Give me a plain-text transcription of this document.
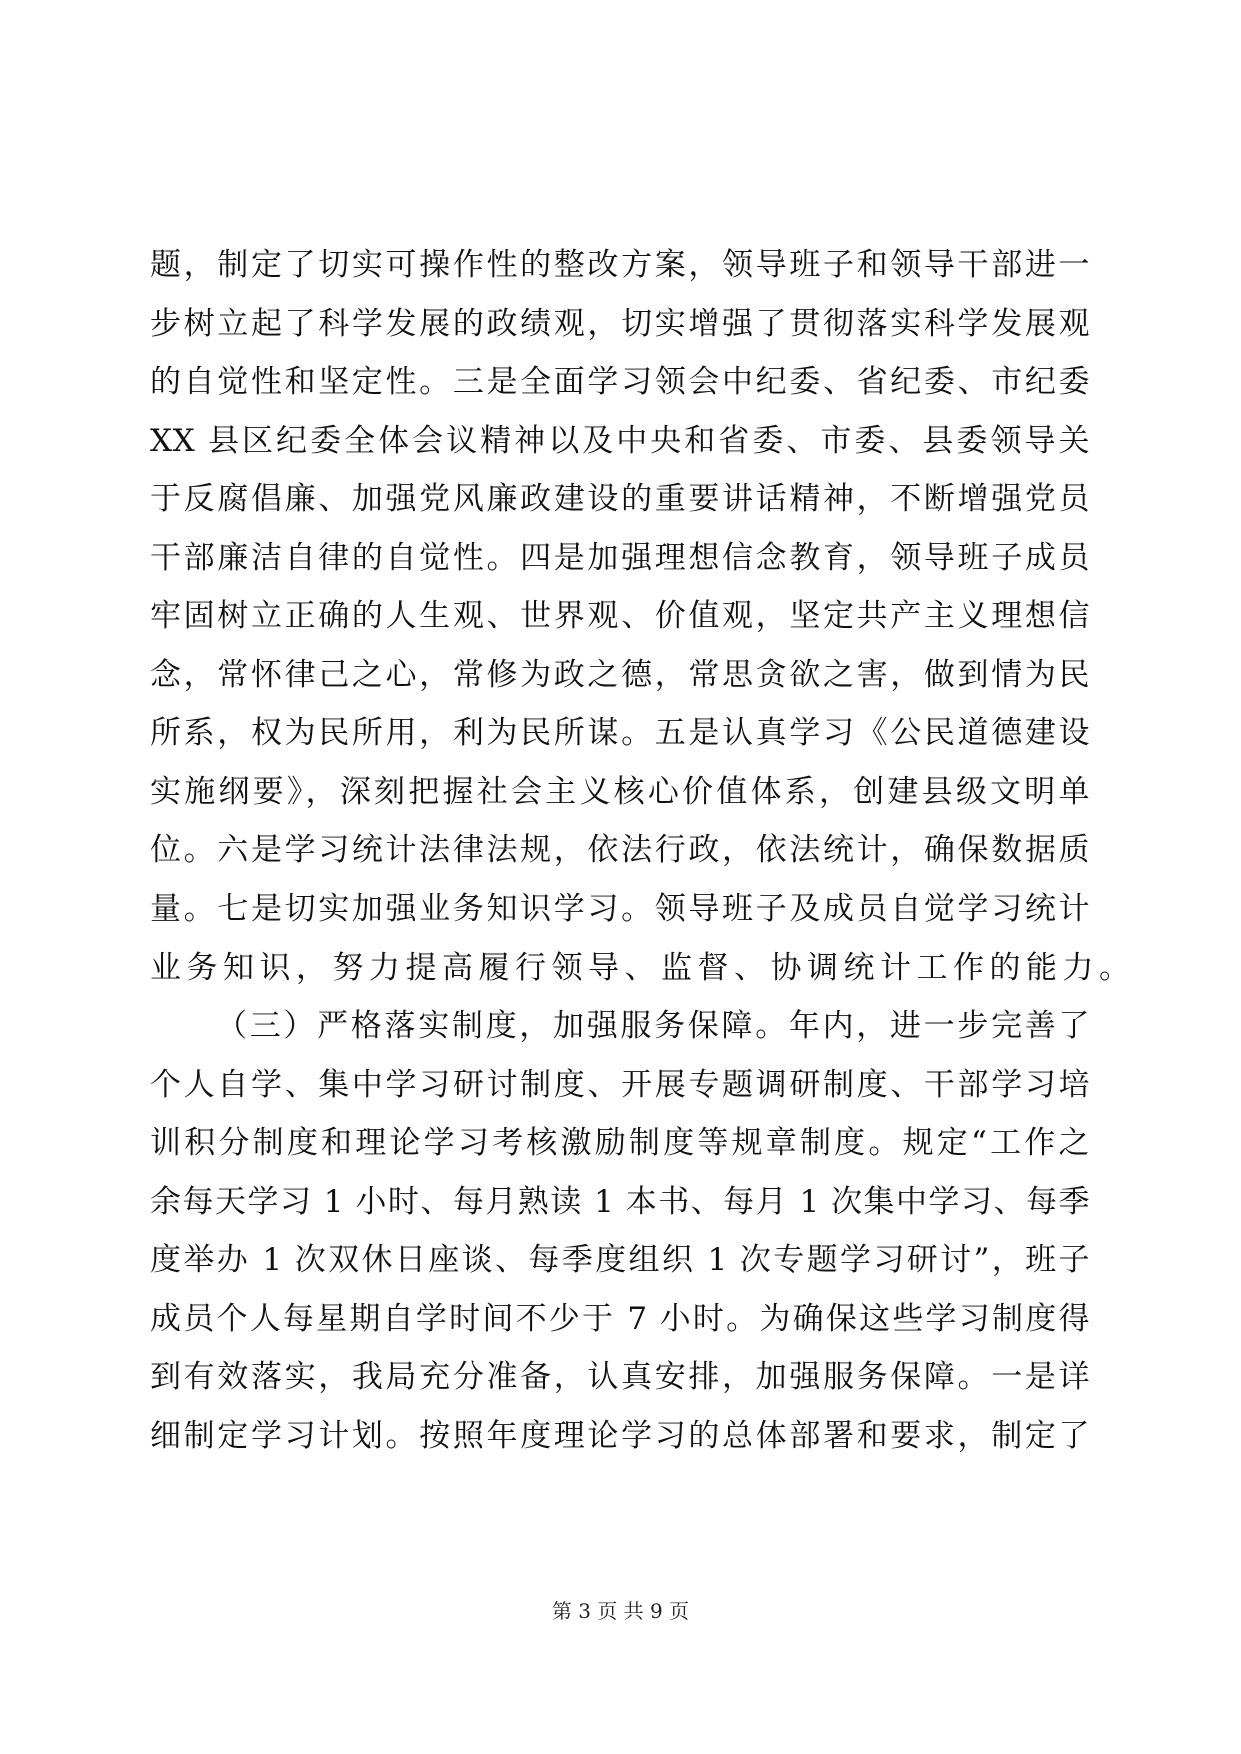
题，制定了切实可操作性的整改方案，领导班子和领导干部进一
步树立起了科学发展的政绩观，切实增强了贯彻落实科学发展观
的自觉性和坚定性。三是全面学习领会中纪委、省纪委、市纪委
XX 县区纪委全体会议精神以及中央和省委、市委、县委领导关
于反腐倡廉、加强党风廉政建设的重要讲话精神，不断增强党员
干部廉洁自律的自觉性。四是加强理想信念教育，领导班子成员
牢固树立正确的人生观、世界观、价值观，坚定共产主义理想信
念，常怀律己之心，常修为政之德，常思贪欲之害，做到情为民
所系，权为民所用，利为民所谋。五是认真学习《公民道德建设
实施纲要》，深刻把握社会主义核心价值体系，创建县级文明单
位。六是学习统计法律法规，依法行政，依法统计，确保数据质
量。七是切实加强业务知识学习。领导班子及成员自觉学习统计
业务知识，努力提高履行领导、监督、协调统计工作的能力。
（三）严格落实制度，加强服务保障。年内，进一步完善了
个人自学、集中学习研讨制度、开展专题调研制度、干部学习培
训积分制度和理论学习考核激励制度等规章制度。规定“工作之
余每天学习 1 小时、每月熟读 1 本书、每月 1 次集中学习、每季
度举办 1 次双休日座谈、每季度组织 1 次专题学习研讨”，班子
成员个人每星期自学时间不少于 7 小时。为确保这些学习制度得
到有效落实，我局充分准备，认真安排，加强服务保障。一是详
细制定学习计划。按照年度理论学习的总体部署和要求，制定了
第 3 页 共 9 页
